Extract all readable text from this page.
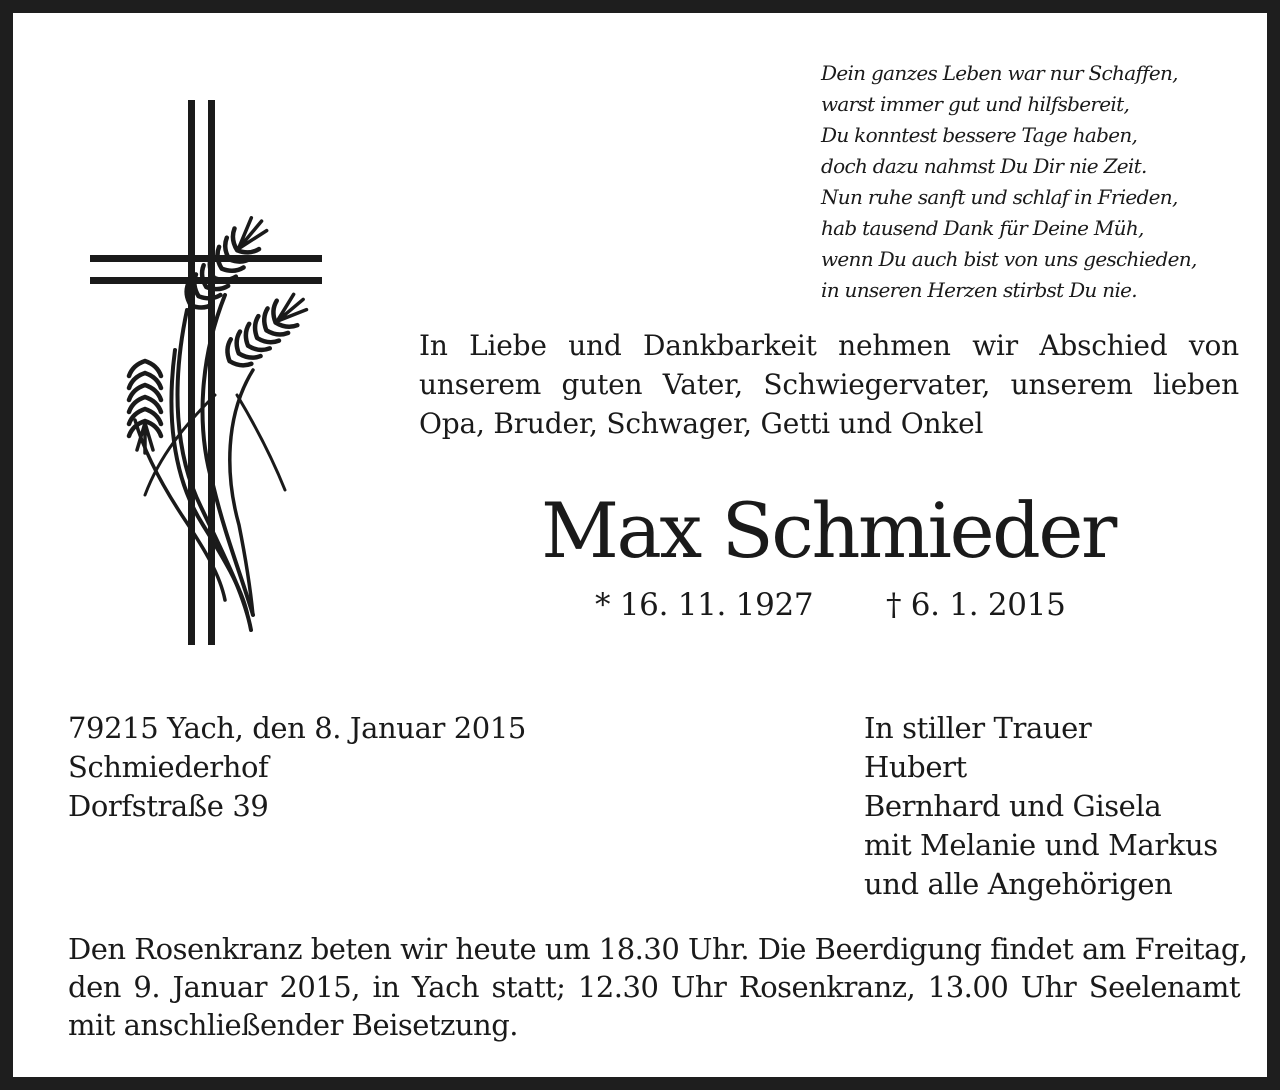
Dein ganzes Leben war nur Schaffen,
warst immer gut und hilfsbereit,
Du konntest bessere Tage haben,
doch dazu nahmst Du Dir nie Zeit.
Nun ruhe sanft und schlaf in Frieden,
hab tausend Dank für Deine Müh,
wenn Du auch bist von uns geschieden,
in unseren Herzen stirbst Du nie.
In Liebe und Dankbarkeit nehmen wir Abschied von
unserem guten Vater, Schwiegervater, unserem lieben
Opa, Bruder, Schwager, Getti und Onkel
Max Schmieder
* 16. 11. 1927 † 6. 1. 2015
79215 Yach, den 8. Januar 2015
Schmiederhof
Dorfstraße 39
In stiller Trauer
Hubert
Bernhard und Gisela
mit Melanie und Markus
und alle Angehörigen
Den Rosenkranz beten wir heute um 18.30 Uhr. Die Beerdigung findet am Freitag,
den 9. Januar 2015, in Yach statt; 12.30 Uhr Rosenkranz, 13.00 Uhr Seelenamt
mit anschließender Beisetzung.
